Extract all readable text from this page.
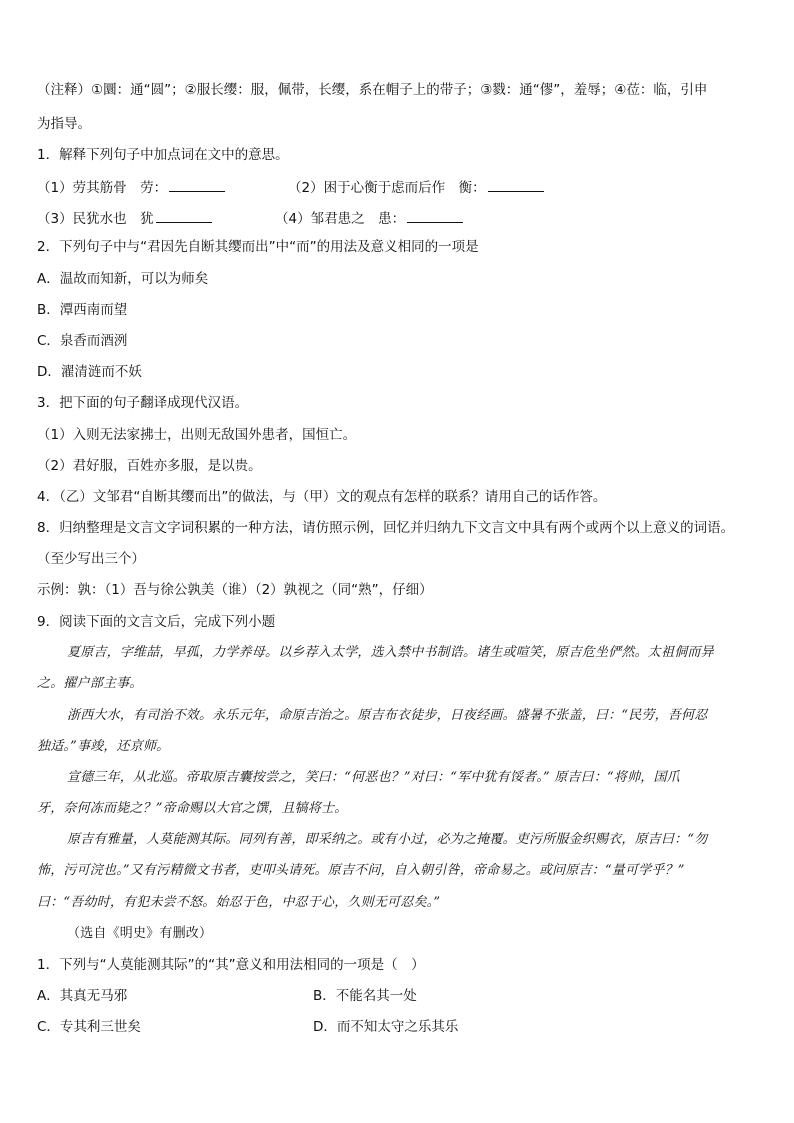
（注释）①圜：通“圆”；②服长缨：服，佩带，长缨，系在帽子上的带子；③戮：通“僇”，羞辱；④莅：临，引申
为指导。
1．解释下列句子中加点词在文中的意思。
（1）劳其筋骨　劳：	（2）困于心衡于虑而后作　衡：
（3）民犹水也　犹	（4）邹君患之　患：
2．下列句子中与“君因先自断其缨而出”中“而”的用法及意义相同的一项是
A．温故而知新，可以为师矣
B．潭西南而望
C．泉香而酒洌
D．濯清涟而不妖
3．把下面的句子翻译成现代汉语。
（1）入则无法家拂士，出则无敌国外患者，国恒亡。
（2）君好服，百姓亦多服，是以贵。
4．（乙）文邹君“自断其缨而出”的做法，与（甲）文的观点有怎样的联系？请用自己的话作答。
8．归纳整理是文言文字词积累的一种方法，请仿照示例，回忆并归纳九下文言文中具有两个或两个以上意义的词语。
（至少写出三个）
示例：孰：（1）吾与徐公孰美（谁）（2）孰视之（同“熟”，仔细）
9．阅读下面的文言文后，完成下列小题
夏原吉，字维喆，早孤，力学养母。以乡荐入太学，选入禁中书制诰。诸生或喧笑，原吉危坐俨然。太祖侗而异
之。擢户部主事。
浙西大水，有司治不效。永乐元年，命原吉治之。原吉布衣徒步，日夜经画。盛暑不张盖，曰：“民劳，吾何忍
独适。”事竣，还京师。
宣德三年，从北巡。帝取原吉囊按尝之，笑曰：“何恶也？”对曰：“军中犹有馁者。” 原吉曰：“将帅，国爪
牙，奈何冻而毙之？”帝命赐以大官之馔，且犒将士。
原吉有雅量，人莫能测其际。同列有善，即采纳之。或有小过，必为之掩覆。吏污所服金织赐衣，原吉曰：“勿
怖，污可浣也。”又有污精微文书者，吏叩头请死。原吉不问，自入朝引咎，帝命易之。或问原吉：“量可学乎？”
曰：“吾幼时，有犯未尝不怒。始忍于色，中忍于心，久则无可忍矣。”
（选自《明史》有删改）
1．下列与“人莫能测其际”的“其”意义和用法相同的一项是（　）
A．其真无马邪	B．不能名其一处
C．专其利三世矣	D．而不知太守之乐其乐
